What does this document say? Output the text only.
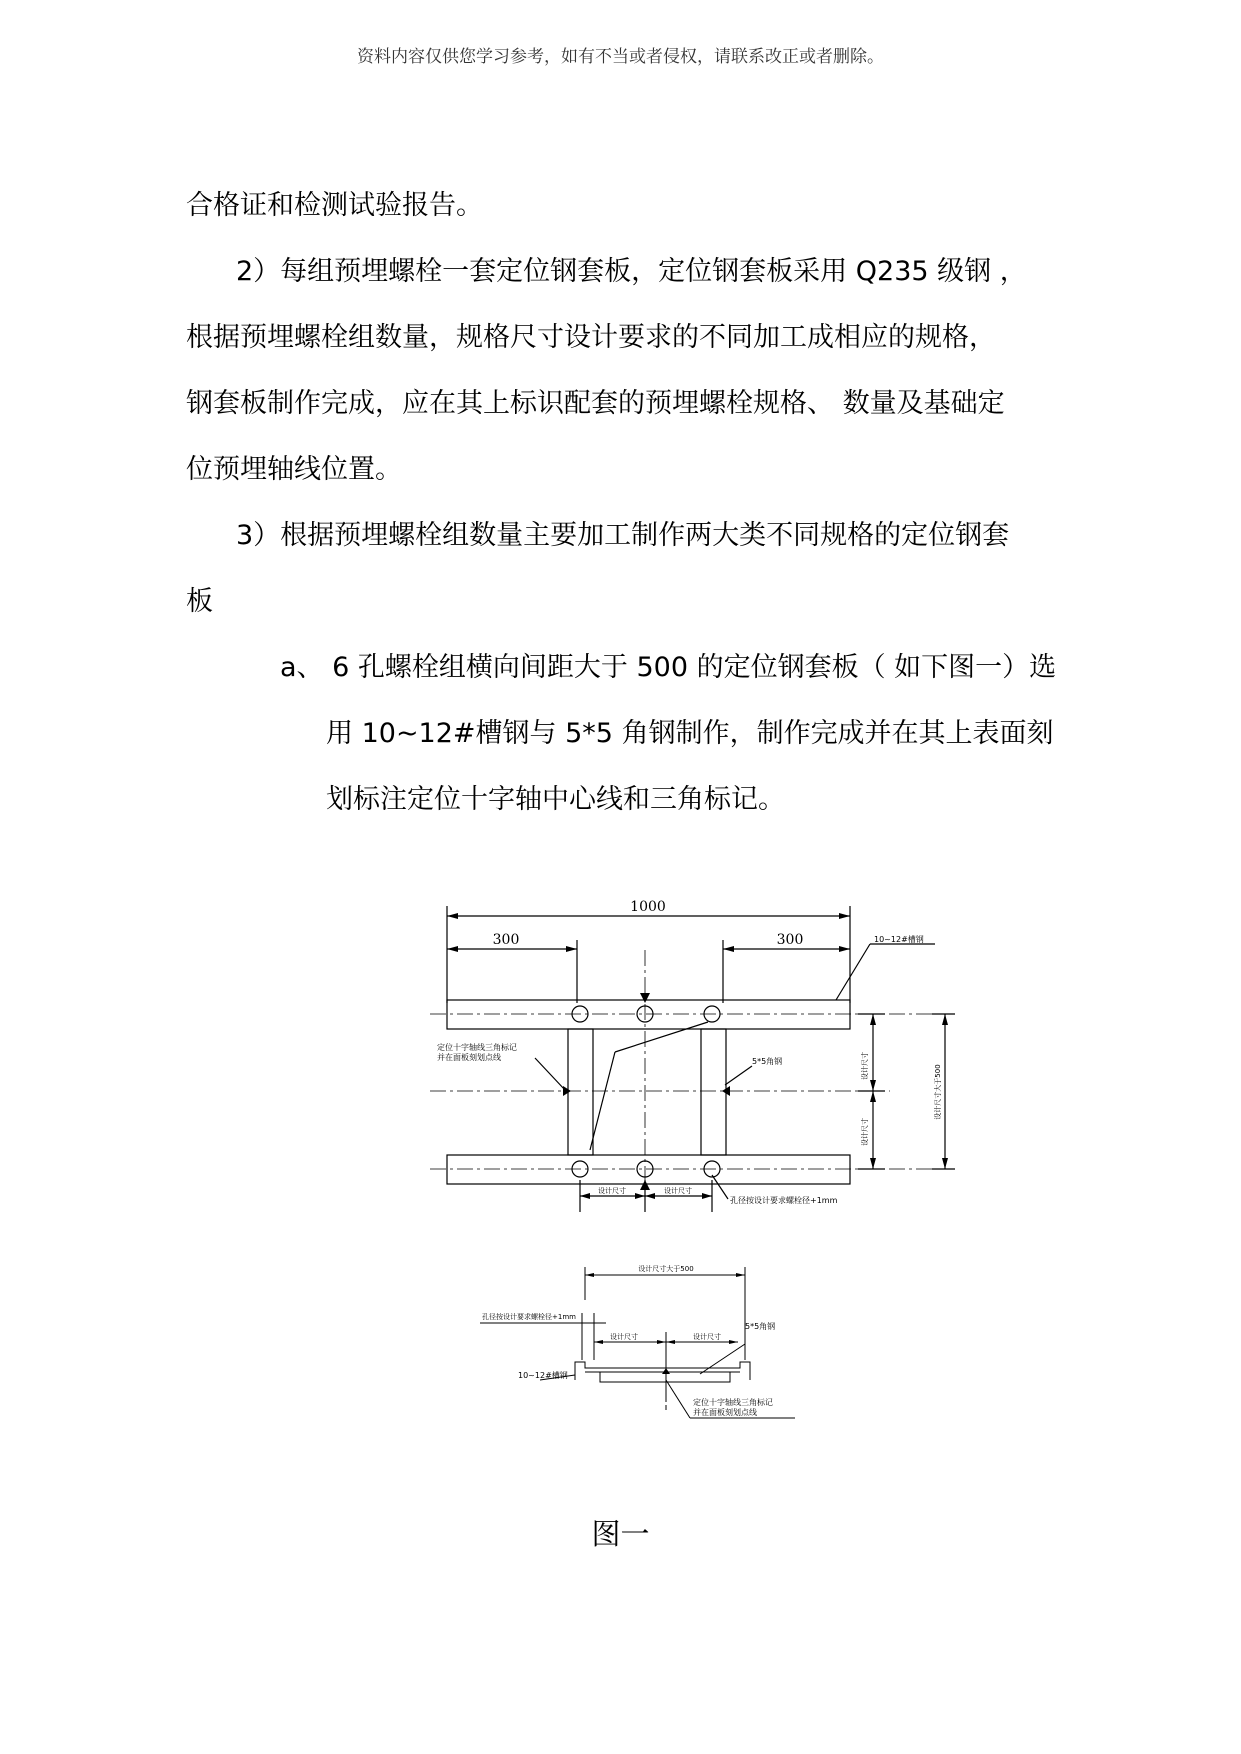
资料内容仅供您学习参考，如有不当或者侵权，请联系改正或者删除。
合格证和检测试验报告。
2）每组预埋螺栓一套定位钢套板，定位钢套板采用 Q235 级钢 ，
根据预埋螺栓组数量，规格尺寸设计要求的不同加工成相应的规格，
钢套板制作完成，应在其上标识配套的预埋螺栓规格、 数量及基础定
位预埋轴线位置。
3）根据预埋螺栓组数量主要加工制作两大类不同规格的定位钢套
板
a、 6 孔螺栓组横向间距大于 500 的定位钢套板（ 如下图一）选
用 10~12#槽钢与 5*5 角钢制作，制作完成并在其上表面刻
划标注定位十字轴中心线和三角标记。
1000
300	300	10~12#槽钢
定位十字轴线三角标记
并在面板刻划点线	5*5角钢	设计尺寸
设计尺寸
设计尺寸大于500
设计尺寸	设计尺寸
孔径按设计要求螺栓径+1mm
设计尺寸大于500
孔径按设计要求螺栓径+1mm
设计尺寸	设计尺寸
5*5角钢
10~12#槽钢
定位十字轴线三角标记
并在面板刻划点线
图一
